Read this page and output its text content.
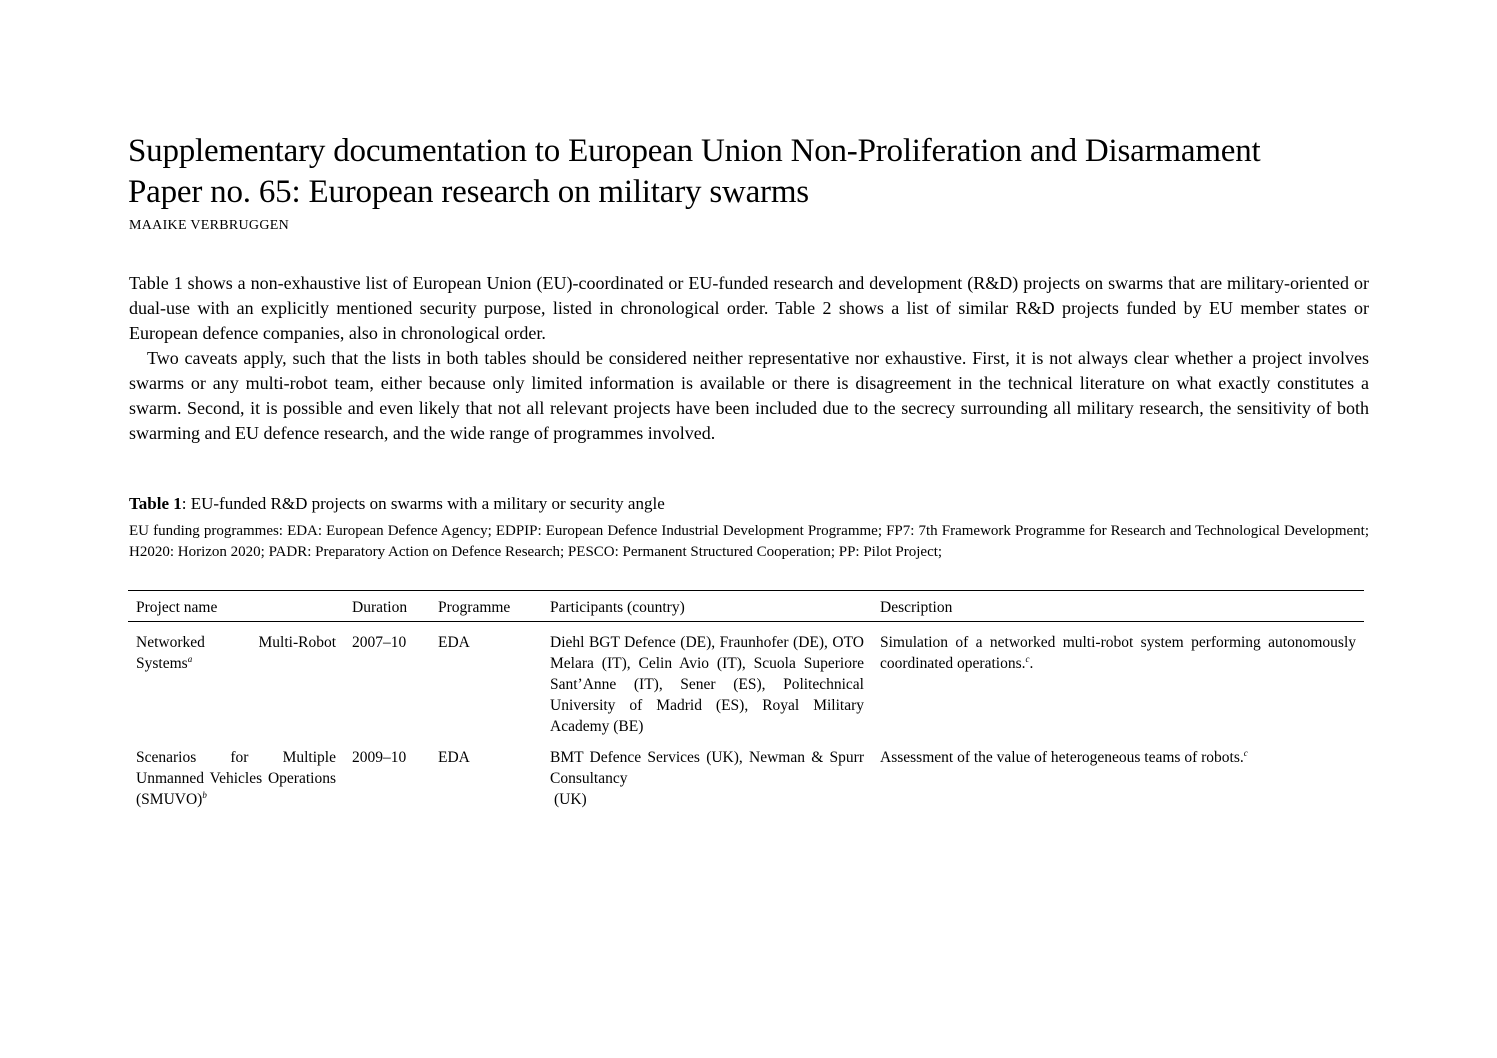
Supplementary documentation to European Union Non-Proliferation and Disarmament
Paper no. 65: European research on military swarms

MAAIKE VERBRUGGEN

Table 1 shows a non-exhaustive list of European Union (EU)-coordinated or EU-funded research and development (R&D) projects on swarms that are military-oriented or dual-use with an explicitly mentioned security purpose, listed in chronological order. Table 2 shows a list of similar R&D projects funded by EU member states or European defence companies, also in chronological order.

Two caveats apply, such that the lists in both tables should be considered neither representative nor exhaustive. First, it is not always clear whether a project involves swarms or any multi-robot team, either because only limited information is available or there is disagreement in the technical literature on what exactly constitutes a swarm. Second, it is possible and even likely that not all relevant projects have been included due to the secrecy surrounding all military research, the sensitivity of both swarming and EU defence research, and the wide range of programmes involved.

Table 1: EU-funded R&D projects on swarms with a military or security angle

EU funding programmes: EDA: European Defence Agency; EDPIP: European Defence Industrial Development Programme; FP7: 7th Framework Programme for Research and Technological Development; H2020: Horizon 2020; PADR: Preparatory Action on Defence Research; PESCO: Permanent Structured Cooperation; PP: Pilot Project;

Project name	Duration	Programme	Participants (country)	Description
Networked Multi-Robot Systems$^a$	2007–10	EDA	Diehl BGT Defence (DE), Fraunhofer (DE), OTO Melara (IT), Celin Avio (IT), Scuola Superiore Sant’Anne (IT), Sener (ES), Politechnical University of Madrid (ES), Royal Military Academy (BE)	Simulation of a networked multi-robot system performing autonomously coordinated operations.$^c$.
Scenarios for Multiple Unmanned Vehicles Operations (SMUVO)$^b$	2009–10	EDA	BMT Defence Services (UK), Newman & Spurr Consultancy
(UK)	Assessment of the value of heterogeneous teams of robots.$^c$
